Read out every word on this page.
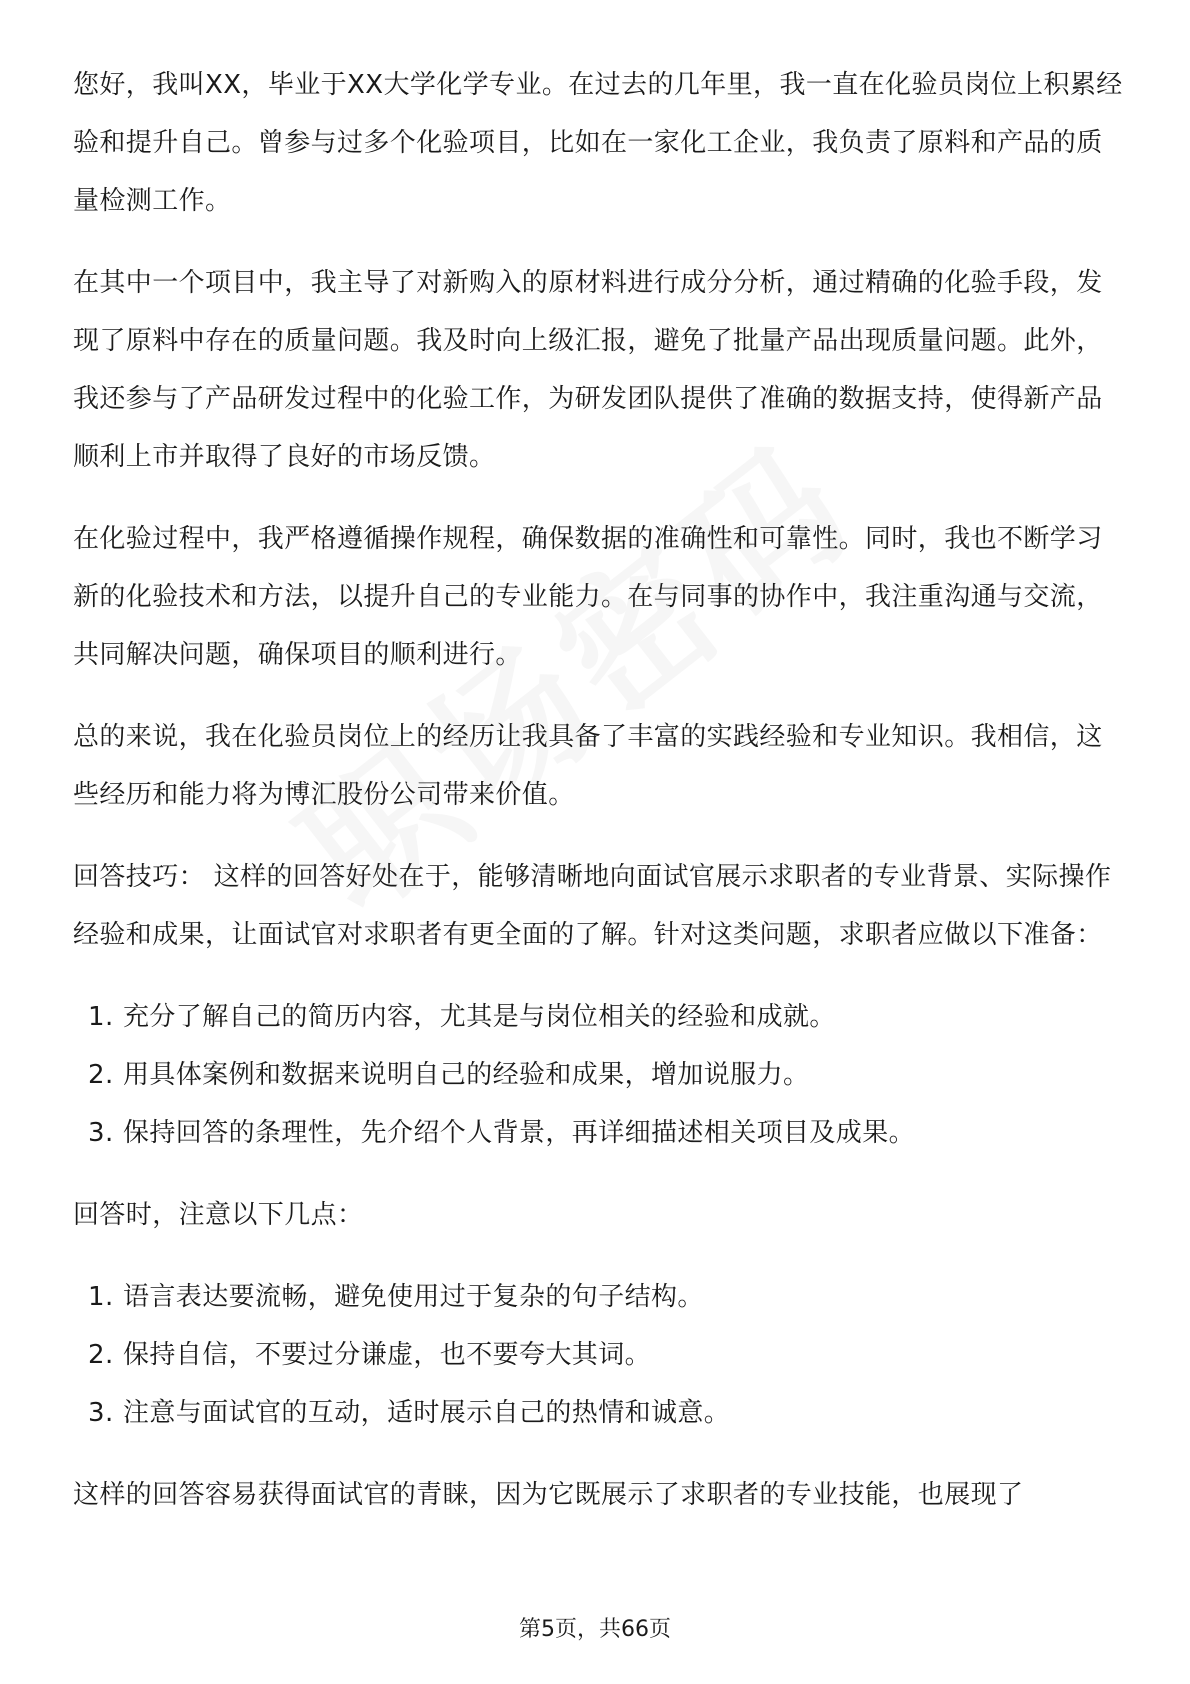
您好，我叫XX，毕业于XX大学化学专业。在过去的几年里，我一直在化验员岗位上积累经验和提升自己。曾参与过多个化验项目，比如在一家化工企业，我负责了原料和产品的质量检测工作。

在其中一个项目中，我主导了对新购入的原材料进行成分分析，通过精确的化验手段，发现了原料中存在的质量问题。我及时向上级汇报，避免了批量产品出现质量问题。此外，我还参与了产品研发过程中的化验工作，为研发团队提供了准确的数据支持，使得新产品顺利上市并取得了良好的市场反馈。

在化验过程中，我严格遵循操作规程，确保数据的准确性和可靠性。同时，我也不断学习新的化验技术和方法，以提升自己的专业能力。在与同事的协作中，我注重沟通与交流，共同解决问题，确保项目的顺利进行。

总的来说，我在化验员岗位上的经历让我具备了丰富的实践经验和专业知识。我相信，这些经历和能力将为博汇股份公司带来价值。

回答技巧： 这样的回答好处在于，能够清晰地向面试官展示求职者的专业背景、实际操作经验和成果，让面试官对求职者有更全面的了解。针对这类问题，求职者应做以下准备：

1. 充分了解自己的简历内容，尤其是与岗位相关的经验和成就。
2. 用具体案例和数据来说明自己的经验和成果，增加说服力。
3. 保持回答的条理性，先介绍个人背景，再详细描述相关项目及成果。

回答时，注意以下几点：

1. 语言表达要流畅，避免使用过于复杂的句子结构。
2. 保持自信，不要过分谦虚，也不要夸大其词。
3. 注意与面试官的互动，适时展示自己的热情和诚意。

这样的回答容易获得面试官的青睐，因为它既展示了求职者的专业技能，也展现了

第5页，共66页
